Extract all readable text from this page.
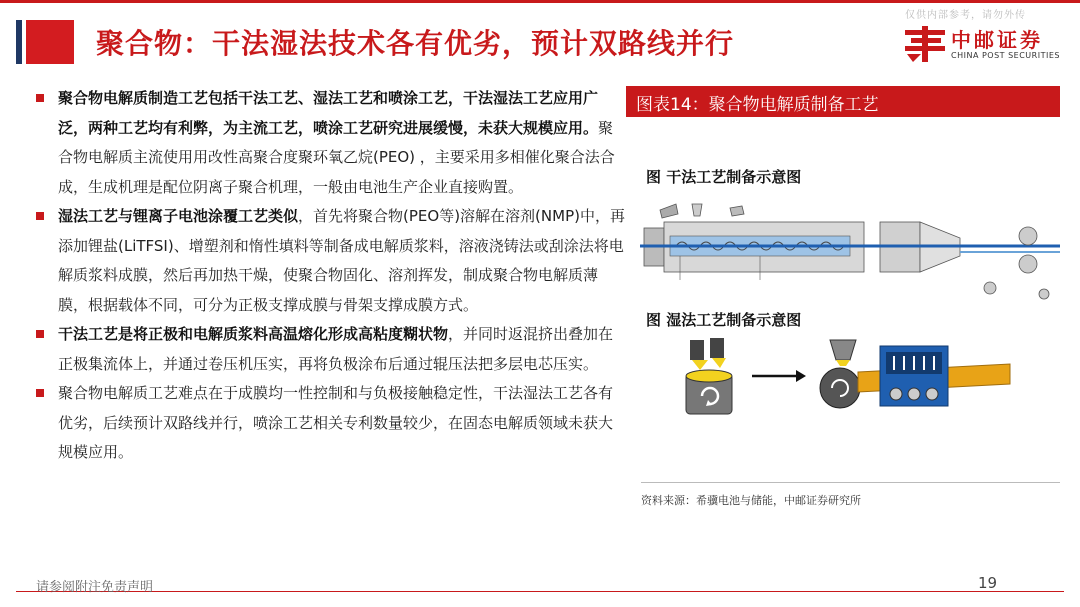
聚合物：干法湿法技术各有优劣，预计双路线并行
仅供内部参考，请勿外传
中邮证券
CHINA POST SECURITIES
聚合物电解质制造工艺包括干法工艺、湿法工艺和喷涂工艺，干法湿法工艺应用广泛，两种工艺均有利弊，为主流工艺，喷涂工艺研究进展缓慢，未获大规模应用。聚合物电解质主流使用用改性高聚合度聚环氧乙烷(PEO) ，主要采用多相催化聚合法合成，生成机理是配位阴离子聚合机理，一般由电池生产企业直接购置。
湿法工艺与锂离子电池涂覆工艺类似，首先将聚合物(PEO等)溶解在溶剂(NMP)中，再添加锂盐(LiTFSI)、增塑剂和惰性填料等制备成电解质浆料，溶液浇铸法或刮涂法将电解质浆料成膜，然后再加热干燥，使聚合物固化、溶剂挥发，制成聚合物电解质薄膜，根据载体不同，可分为正极支撑成膜与骨架支撑成膜方式。
干法工艺是将正极和电解质浆料高温熔化形成高粘度糊状物，并同时返混挤出叠加在正极集流体上，并通过卷压机压实，再将负极涂布后通过辊压法把多层电芯压实。
聚合物电解质工艺难点在于成膜均一性控制和与负极接触稳定性，干法湿法工艺各有优劣，后续预计双路线并行，喷涂工艺相关专利数量较少，在固态电解质领域未获大规模应用。
图表14：聚合物电解质制备工艺
图 干法工艺制备示意图
图 湿法工艺制备示意图
资料来源：希骥电池与储能，中邮证券研究所
请参阅附注免责声明	19
